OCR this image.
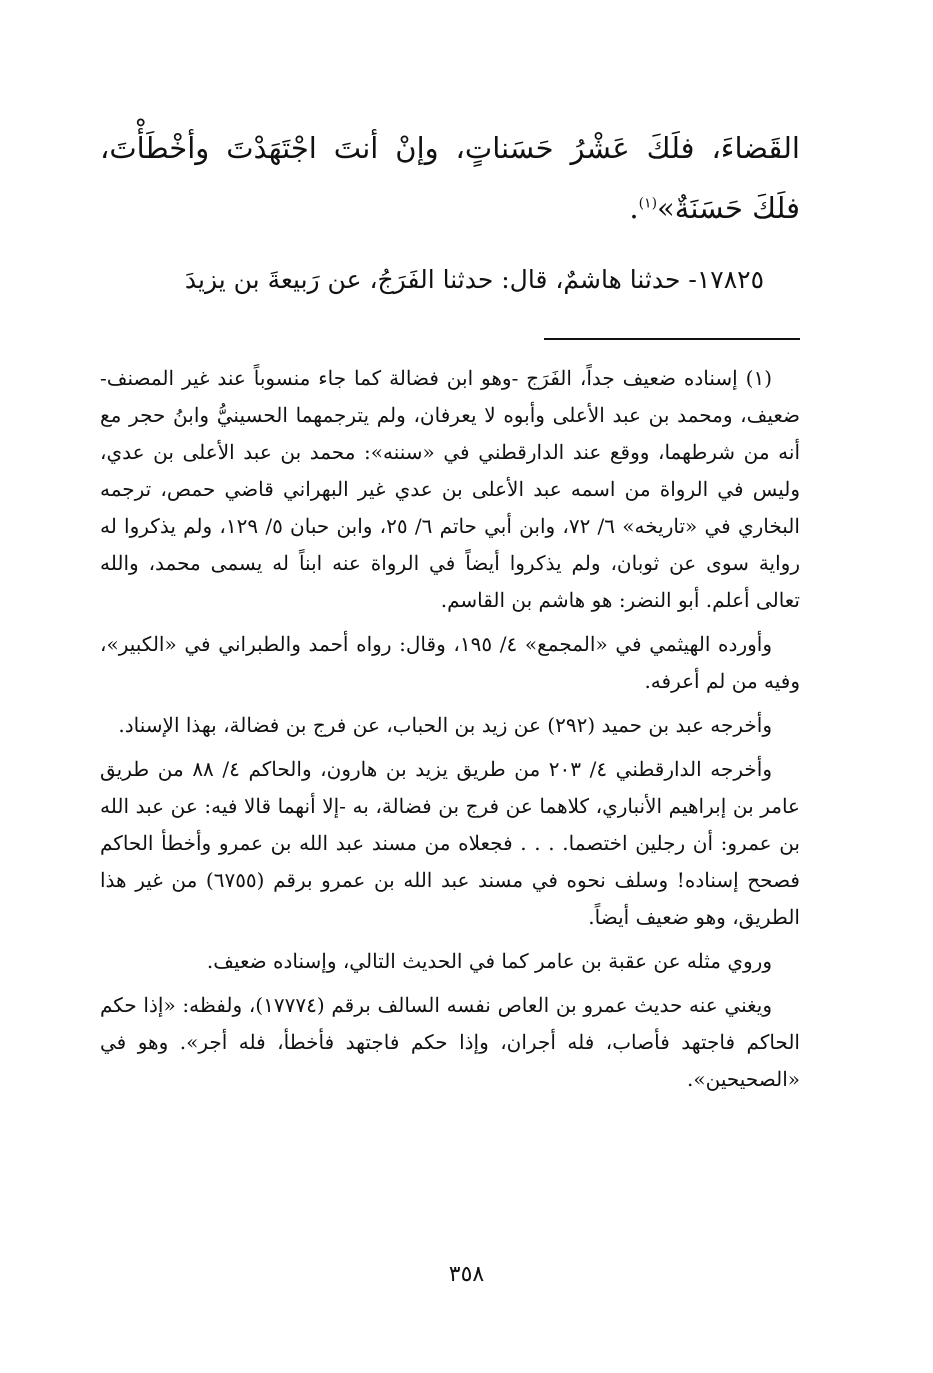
القَضاءَ، فلَكَ عَشْرُ حَسَناتٍ، وإنْ أنتَ اجْتَهَدْتَ وأخْطَأْتَ، فلَكَ حَسَنَةٌ»$^{(١)}$.

١٧٨٢٥- حدثنا هاشمٌ، قال: حدثنا الفَرَجُ، عن رَبيعةَ بن يزيدَ

(١) إسناده ضعيف جداً، الفَرَج -وهو ابن فضالة كما جاء منسوباً عند غير المصنف- ضعيف، ومحمد بن عبد الأعلى وأبوه لا يعرفان، ولم يترجمهما الحسينيُّ وابنُ حجر مع أنه من شرطهما، ووقع عند الدارقطني في «سننه»: محمد بن عبد الأعلى بن عدي، وليس في الرواة من اسمه عبد الأعلى بن عدي غير البهراني قاضي حمص، ترجمه البخاري في «تاريخه» ٦/ ٧٢، وابن أبي حاتم ٦/ ٢٥، وابن حبان ٥/ ١٢٩، ولم يذكروا له رواية سوى عن ثوبان، ولم يذكروا أيضاً في الرواة عنه ابناً له يسمى محمد، والله تعالى أعلم. أبو النضر: هو هاشم بن القاسم.

وأورده الهيثمي في «المجمع» ٤/ ١٩٥، وقال: رواه أحمد والطبراني في «الكبير»، وفيه من لم أعرفه.

وأخرجه عبد بن حميد (٢٩٢) عن زيد بن الحباب، عن فرج بن فضالة، بهذا الإسناد.

وأخرجه الدارقطني ٤/ ٢٠٣ من طريق يزيد بن هارون، والحاكم ٤/ ٨٨ من طريق عامر بن إبراهيم الأنباري، كلاهما عن فرج بن فضالة، به -إلا أنهما قالا فيه: عن عبد الله بن عمرو: أن رجلين اختصما. . . . فجعلاه من مسند عبد الله بن عمرو وأخطأ الحاكم فصحح إسناده! وسلف نحوه في مسند عبد الله بن عمرو برقم (٦٧٥٥) من غير هذا الطريق، وهو ضعيف أيضاً.

وروي مثله عن عقبة بن عامر كما في الحديث التالي، وإسناده ضعيف.

ويغني عنه حديث عمرو بن العاص نفسه السالف برقم (١٧٧٧٤)، ولفظه: «إذا حكم الحاكم فاجتهد فأصاب، فله أجران، وإذا حكم فاجتهد فأخطأ، فله أجر». وهو في «الصحيحين».

٣٥٨
